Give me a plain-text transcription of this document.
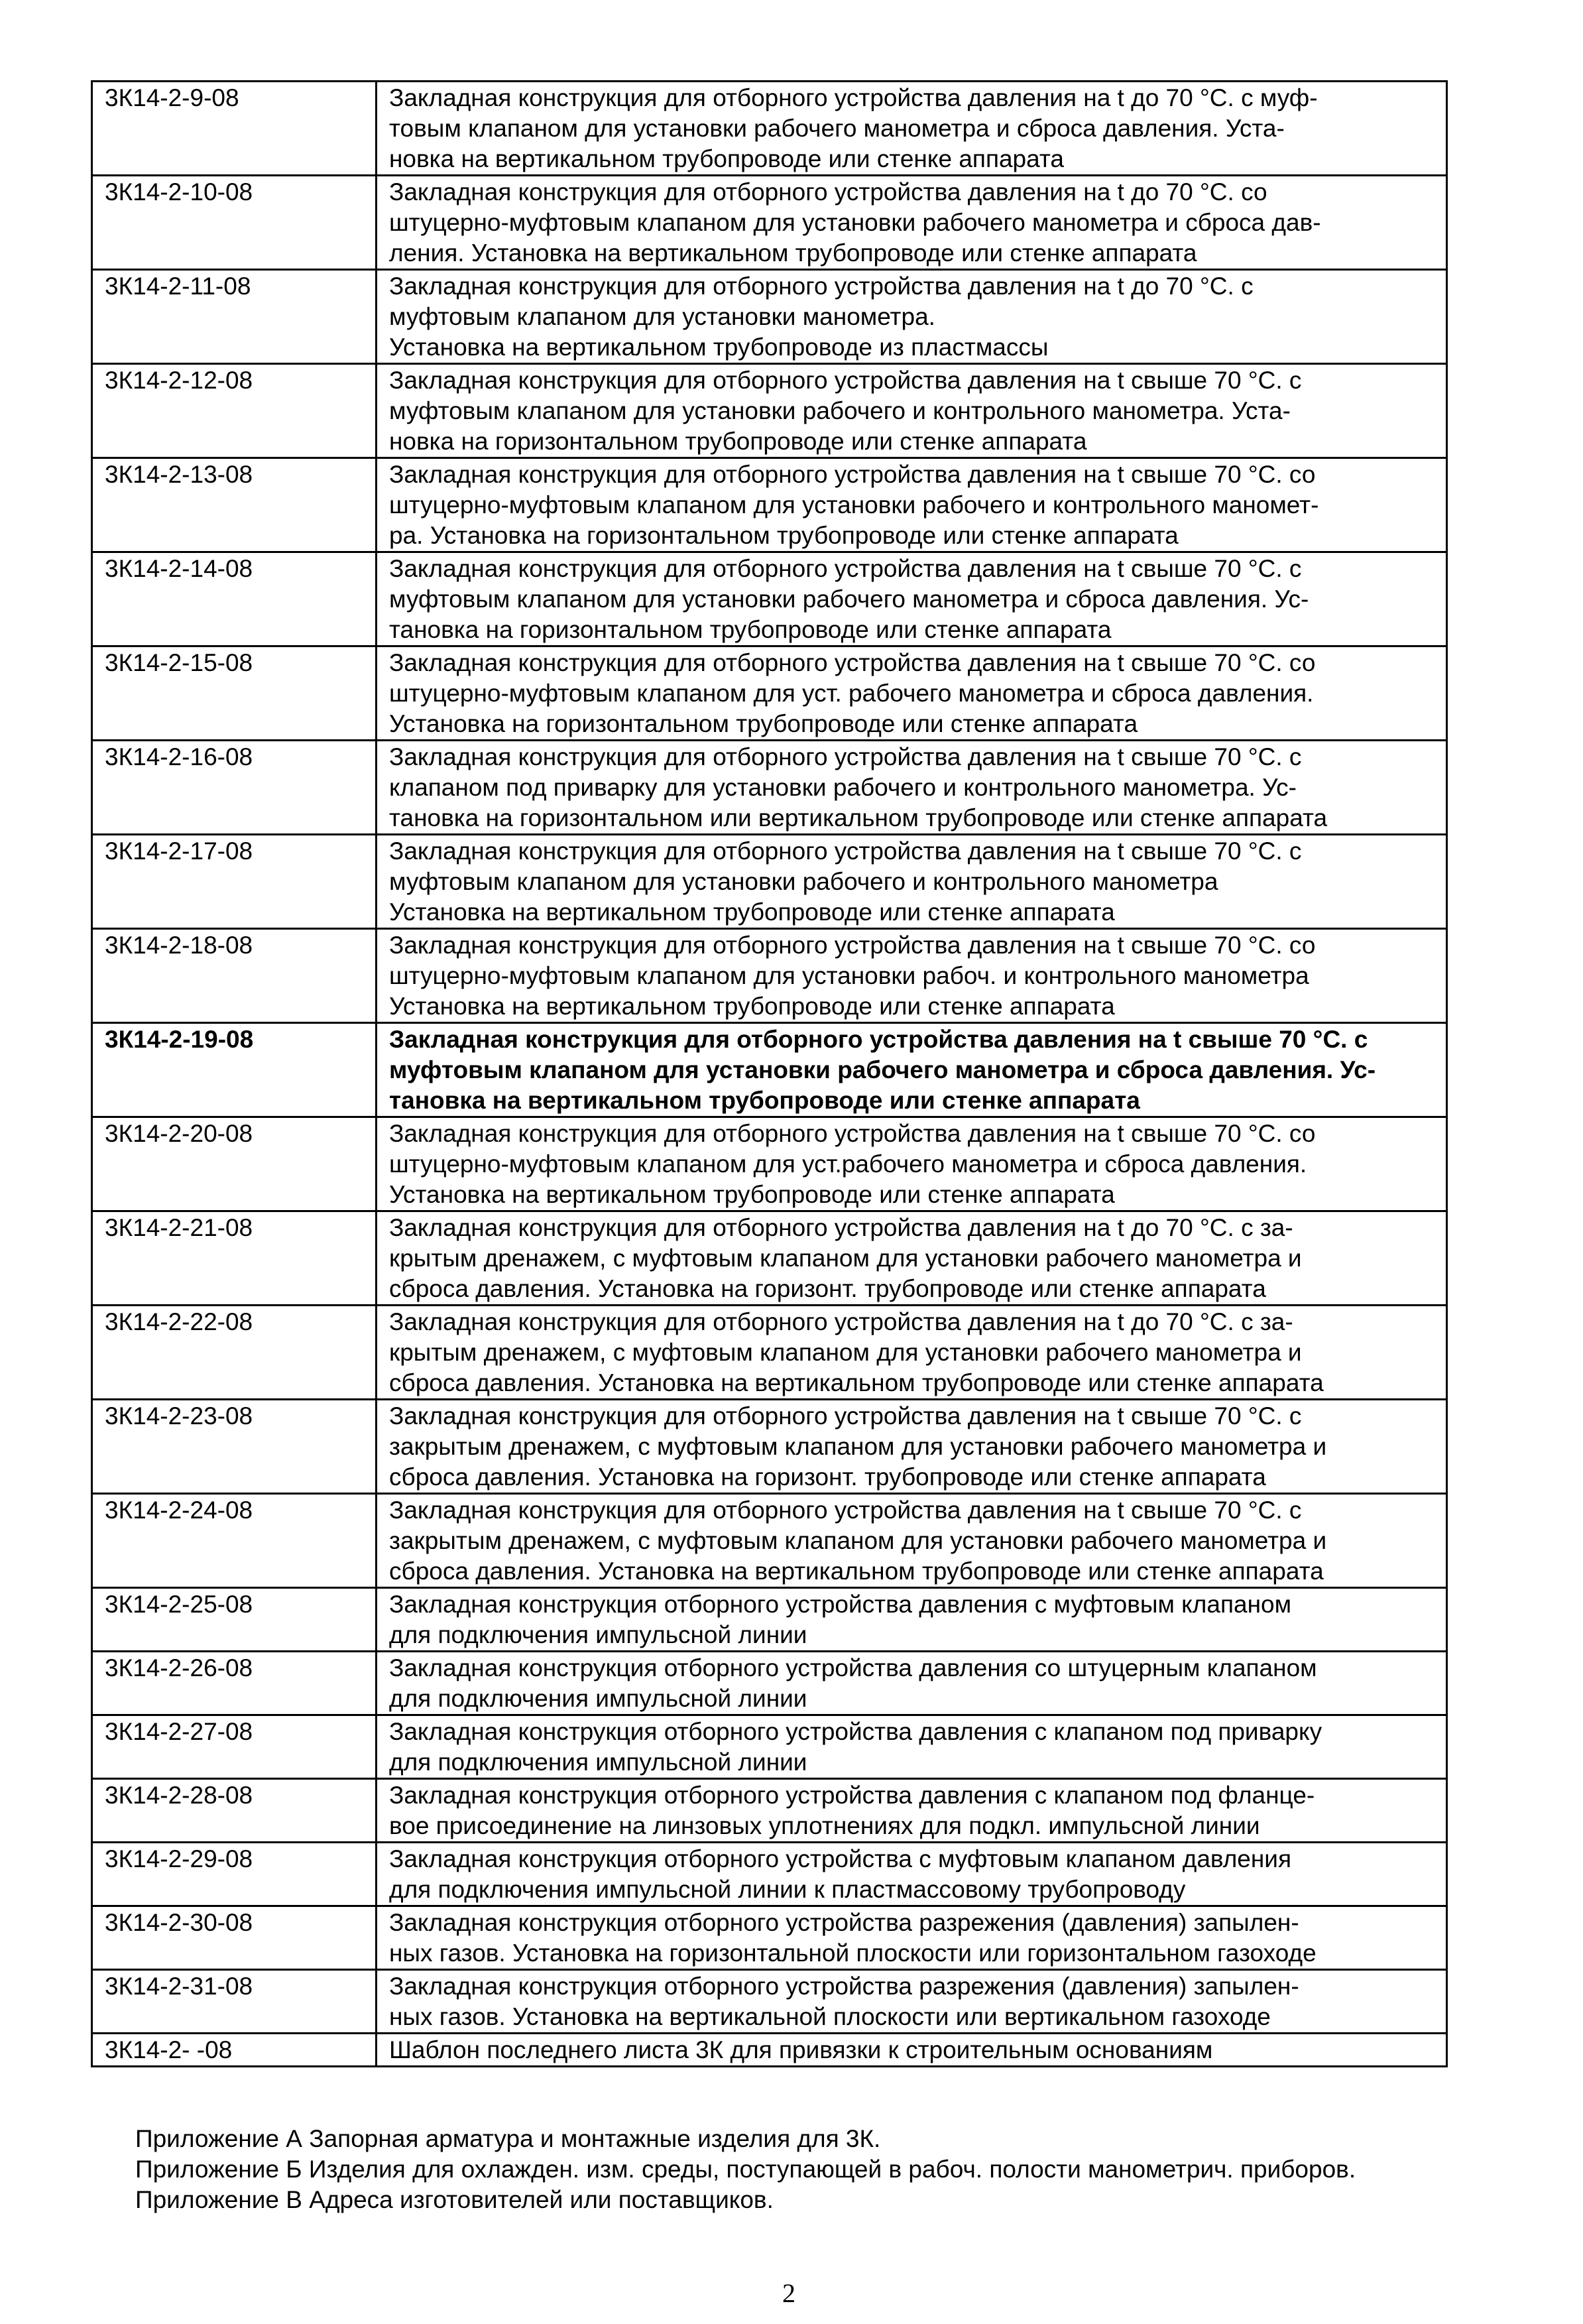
3К14-2-9-08	Закладная конструкция для отборного устройства давления на t до 70 °С. с муф-
товым клапаном для установки рабочего манометра и сброса давления. Уста-
новка на вертикальном трубопроводе или стенке аппарата

3К14-2-10-08	Закладная конструкция для отборного устройства давления на t до 70 °С. со
штуцерно-муфтовым клапаном для установки рабочего манометра и сброса дав-
ления. Установка на вертикальном трубопроводе или стенке аппарата

3К14-2-11-08	Закладная конструкция для отборного устройства давления на t до 70 °С. с
муфтовым клапаном для установки манометра.
Установка на вертикальном трубопроводе из пластмассы

3К14-2-12-08	Закладная конструкция для отборного устройства давления на t свыше 70 °С. с
муфтовым клапаном для установки рабочего и контрольного манометра. Уста-
новка на горизонтальном трубопроводе или стенке аппарата

3К14-2-13-08	Закладная конструкция для отборного устройства давления на t свыше 70 °С. со
штуцерно-муфтовым клапаном для установки рабочего и контрольного маномет-
ра. Установка на горизонтальном трубопроводе или стенке аппарата

3К14-2-14-08	Закладная конструкция для отборного устройства давления на t свыше 70 °С. с
муфтовым клапаном для установки рабочего манометра и сброса давления. Ус-
тановка на горизонтальном трубопроводе или стенке аппарата

3К14-2-15-08	Закладная конструкция для отборного устройства давления на t свыше 70 °С. со
штуцерно-муфтовым клапаном для уст. рабочего манометра и сброса давления.
Установка на горизонтальном трубопроводе или стенке аппарата

3К14-2-16-08	Закладная конструкция для отборного устройства давления на t свыше 70 °С. с
клапаном под приварку для установки рабочего и контрольного манометра. Ус-
тановка на горизонтальном или вертикальном трубопроводе или стенке аппарата

3К14-2-17-08	Закладная конструкция для отборного устройства давления на t свыше 70 °С. с
муфтовым клапаном для установки рабочего и контрольного манометра
Установка на вертикальном трубопроводе или стенке аппарата

3К14-2-18-08	Закладная конструкция для отборного устройства давления на t свыше 70 °С. со
штуцерно-муфтовым клапаном для установки рабоч. и контрольного манометра
Установка на вертикальном трубопроводе или стенке аппарата

3К14-2-19-08	Закладная конструкция для отборного устройства давления на t свыше 70 °С. с
муфтовым клапаном для установки рабочего манометра и сброса давления. Ус-
тановка на вертикальном трубопроводе или стенке аппарата

3К14-2-20-08	Закладная конструкция для отборного устройства давления на t свыше 70 °С. со
штуцерно-муфтовым клапаном для уст.рабочего манометра и сброса давления.
Установка на вертикальном трубопроводе или стенке аппарата

3К14-2-21-08	Закладная конструкция для отборного устройства давления на t до 70 °С. с за-
крытым дренажем, с муфтовым клапаном для установки рабочего манометра и
сброса давления. Установка на горизонт. трубопроводе или стенке аппарата

3К14-2-22-08	Закладная конструкция для отборного устройства давления на t до 70 °С. с за-
крытым дренажем, с муфтовым клапаном для установки рабочего манометра и
сброса давления. Установка на вертикальном трубопроводе или стенке аппарата

3К14-2-23-08	Закладная конструкция для отборного устройства давления на t свыше 70 °С. с
закрытым дренажем, с муфтовым клапаном для установки рабочего манометра и
сброса давления. Установка на горизонт. трубопроводе или стенке аппарата

3К14-2-24-08	Закладная конструкция для отборного устройства давления на t свыше 70 °С. с
закрытым дренажем, с муфтовым клапаном для установки рабочего манометра и
сброса давления. Установка на вертикальном трубопроводе или стенке аппарата

3К14-2-25-08	Закладная конструкция отборного устройства давления с муфтовым клапаном
для подключения импульсной линии

3К14-2-26-08	Закладная конструкция отборного устройства давления со штуцерным клапаном
для подключения импульсной линии

3К14-2-27-08	Закладная конструкция отборного устройства давления с клапаном под приварку
для подключения импульсной линии

3К14-2-28-08	Закладная конструкция отборного устройства давления с клапаном под фланце-
вое присоединение на линзовых уплотнениях для подкл. импульсной линии

3К14-2-29-08	Закладная конструкция отборного устройства с муфтовым клапаном давления
для подключения импульсной линии к пластмассовому трубопроводу

3К14-2-30-08	Закладная конструкция отборного устройства разрежения (давления) запылен-
ных газов. Установка на горизонтальной плоскости или горизонтальном газоходе

3К14-2-31-08	Закладная конструкция отборного устройства разрежения (давления) запылен-
ных газов. Установка на вертикальной плоскости или вертикальном газоходе

3К14-2- -08	Шаблон последнего листа 3К для привязки к строительным основаниям
Приложение А Запорная арматура и монтажные изделия для 3К.
Приложение Б Изделия для охлажден. изм. среды, поступающей в рабоч. полости манометрич. приборов.
Приложение В Адреса изготовителей или поставщиков.
2
